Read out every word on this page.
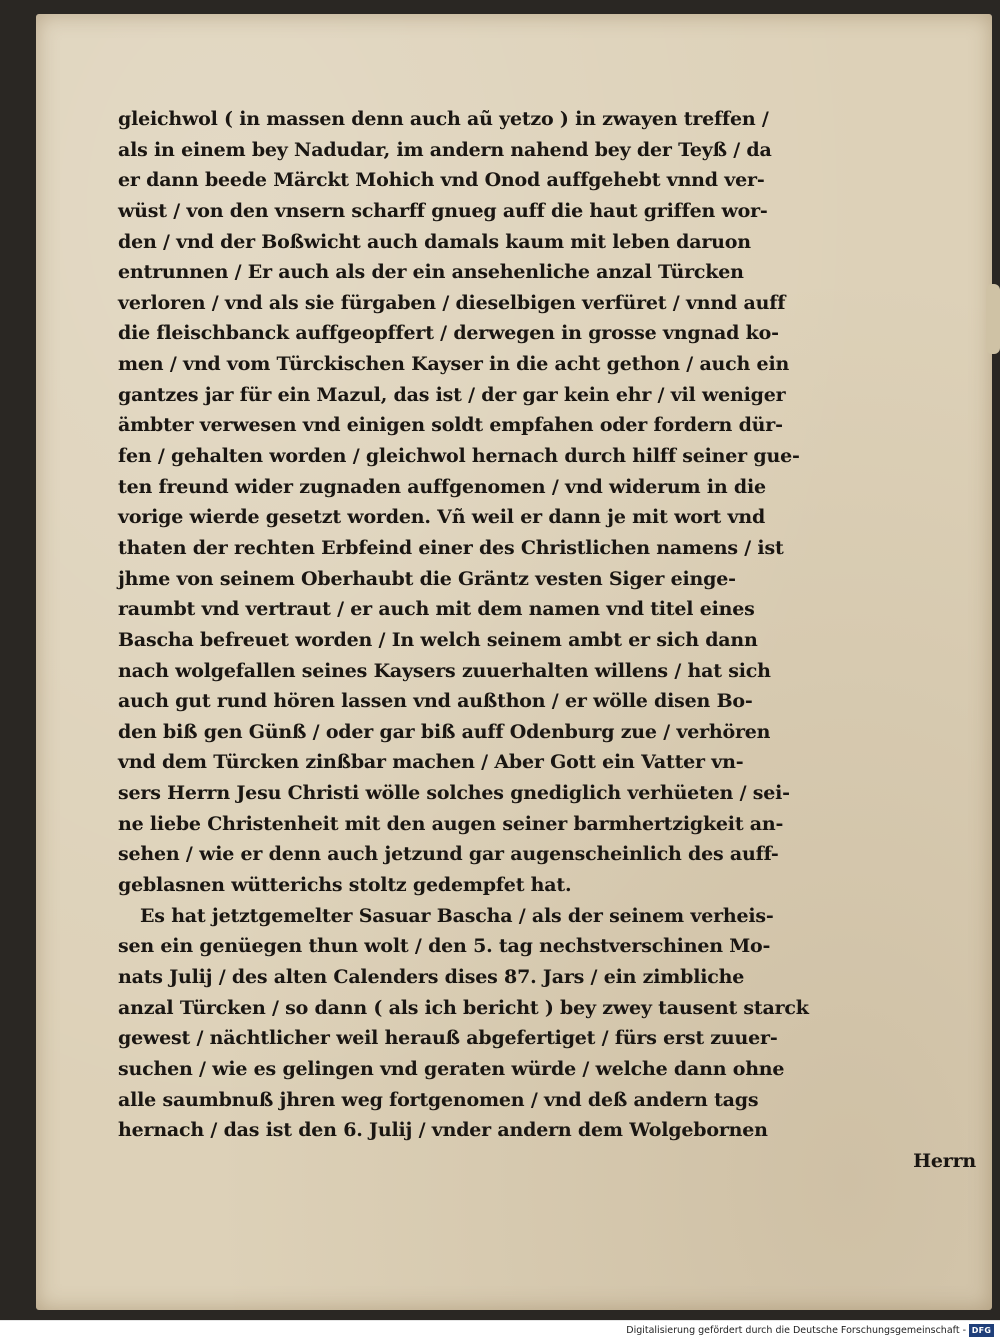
gleichwol ( in massen denn auch aũ yetzo ) in zwayen treffen /
als in einem bey Nadudar, im andern nahend bey der Teyß / da
er dann beede Märckt Mohich vnd Onod auffgehebt vnnd ver-
wüst / von den vnsern scharff gnueg auff die haut griffen wor-
den / vnd der Boßwicht auch damals kaum mit leben daruon
entrunnen / Er auch als der ein ansehenliche anzal Türcken
verloren / vnd als sie fürgaben / dieselbigen verfüret / vnnd auff
die fleischbanck auffgeopffert / derwegen in grosse vngnad ko-
men / vnd vom Türckischen Kayser in die acht gethon / auch ein
gantzes jar für ein Mazul, das ist / der gar kein ehr / vil weniger
ämbter verwesen vnd einigen soldt empfahen oder fordern dür-
fen / gehalten worden / gleichwol hernach durch hilff seiner gue-
ten freund wider zugnaden auffgenomen / vnd widerum in die
vorige wierde gesetzt worden. Vñ weil er dann je mit wort vnd
thaten der rechten Erbfeind einer des Christlichen namens / ist
jhme von seinem Oberhaubt die Gräntz vesten Siger einge-
raumbt vnd vertraut / er auch mit dem namen vnd titel eines
Bascha befreuet worden / In welch seinem ambt er sich dann
nach wolgefallen seines Kaysers zuuerhalten willens / hat sich
auch gut rund hören lassen vnd außthon / er wölle disen Bo-
den biß gen Günß / oder gar biß auff Odenburg zue / verhören
vnd dem Türcken zinßbar machen / Aber Gott ein Vatter vn-
sers Herrn Jesu Christi wölle solches gnediglich verhüeten / sei-
ne liebe Christenheit mit den augen seiner barmhertzigkeit an-
sehen / wie er denn auch jetzund gar augenscheinlich des auff-
geblasnen wütterichs stoltz gedempfet hat.
Es hat jetztgemelter Sasuar Bascha / als der seinem verheis-
sen ein genüegen thun wolt / den 5. tag nechstverschinen Mo-
nats Julij / des alten Calenders dises 87. Jars / ein zimbliche
anzal Türcken / so dann ( als ich bericht ) bey zwey tausent starck
gewest / nächtlicher weil herauß abgefertiget / fürs erst zuuer-
suchen / wie es gelingen vnd geraten würde / welche dann ohne
alle saumbnuß jhren weg fortgenomen / vnd deß andern tags
hernach / das ist den 6. Julij / vnder andern dem Wolgebornen
Herrn
Digitalisierung gefördert durch die Deutsche Forschungsgemeinschaft - DFG
